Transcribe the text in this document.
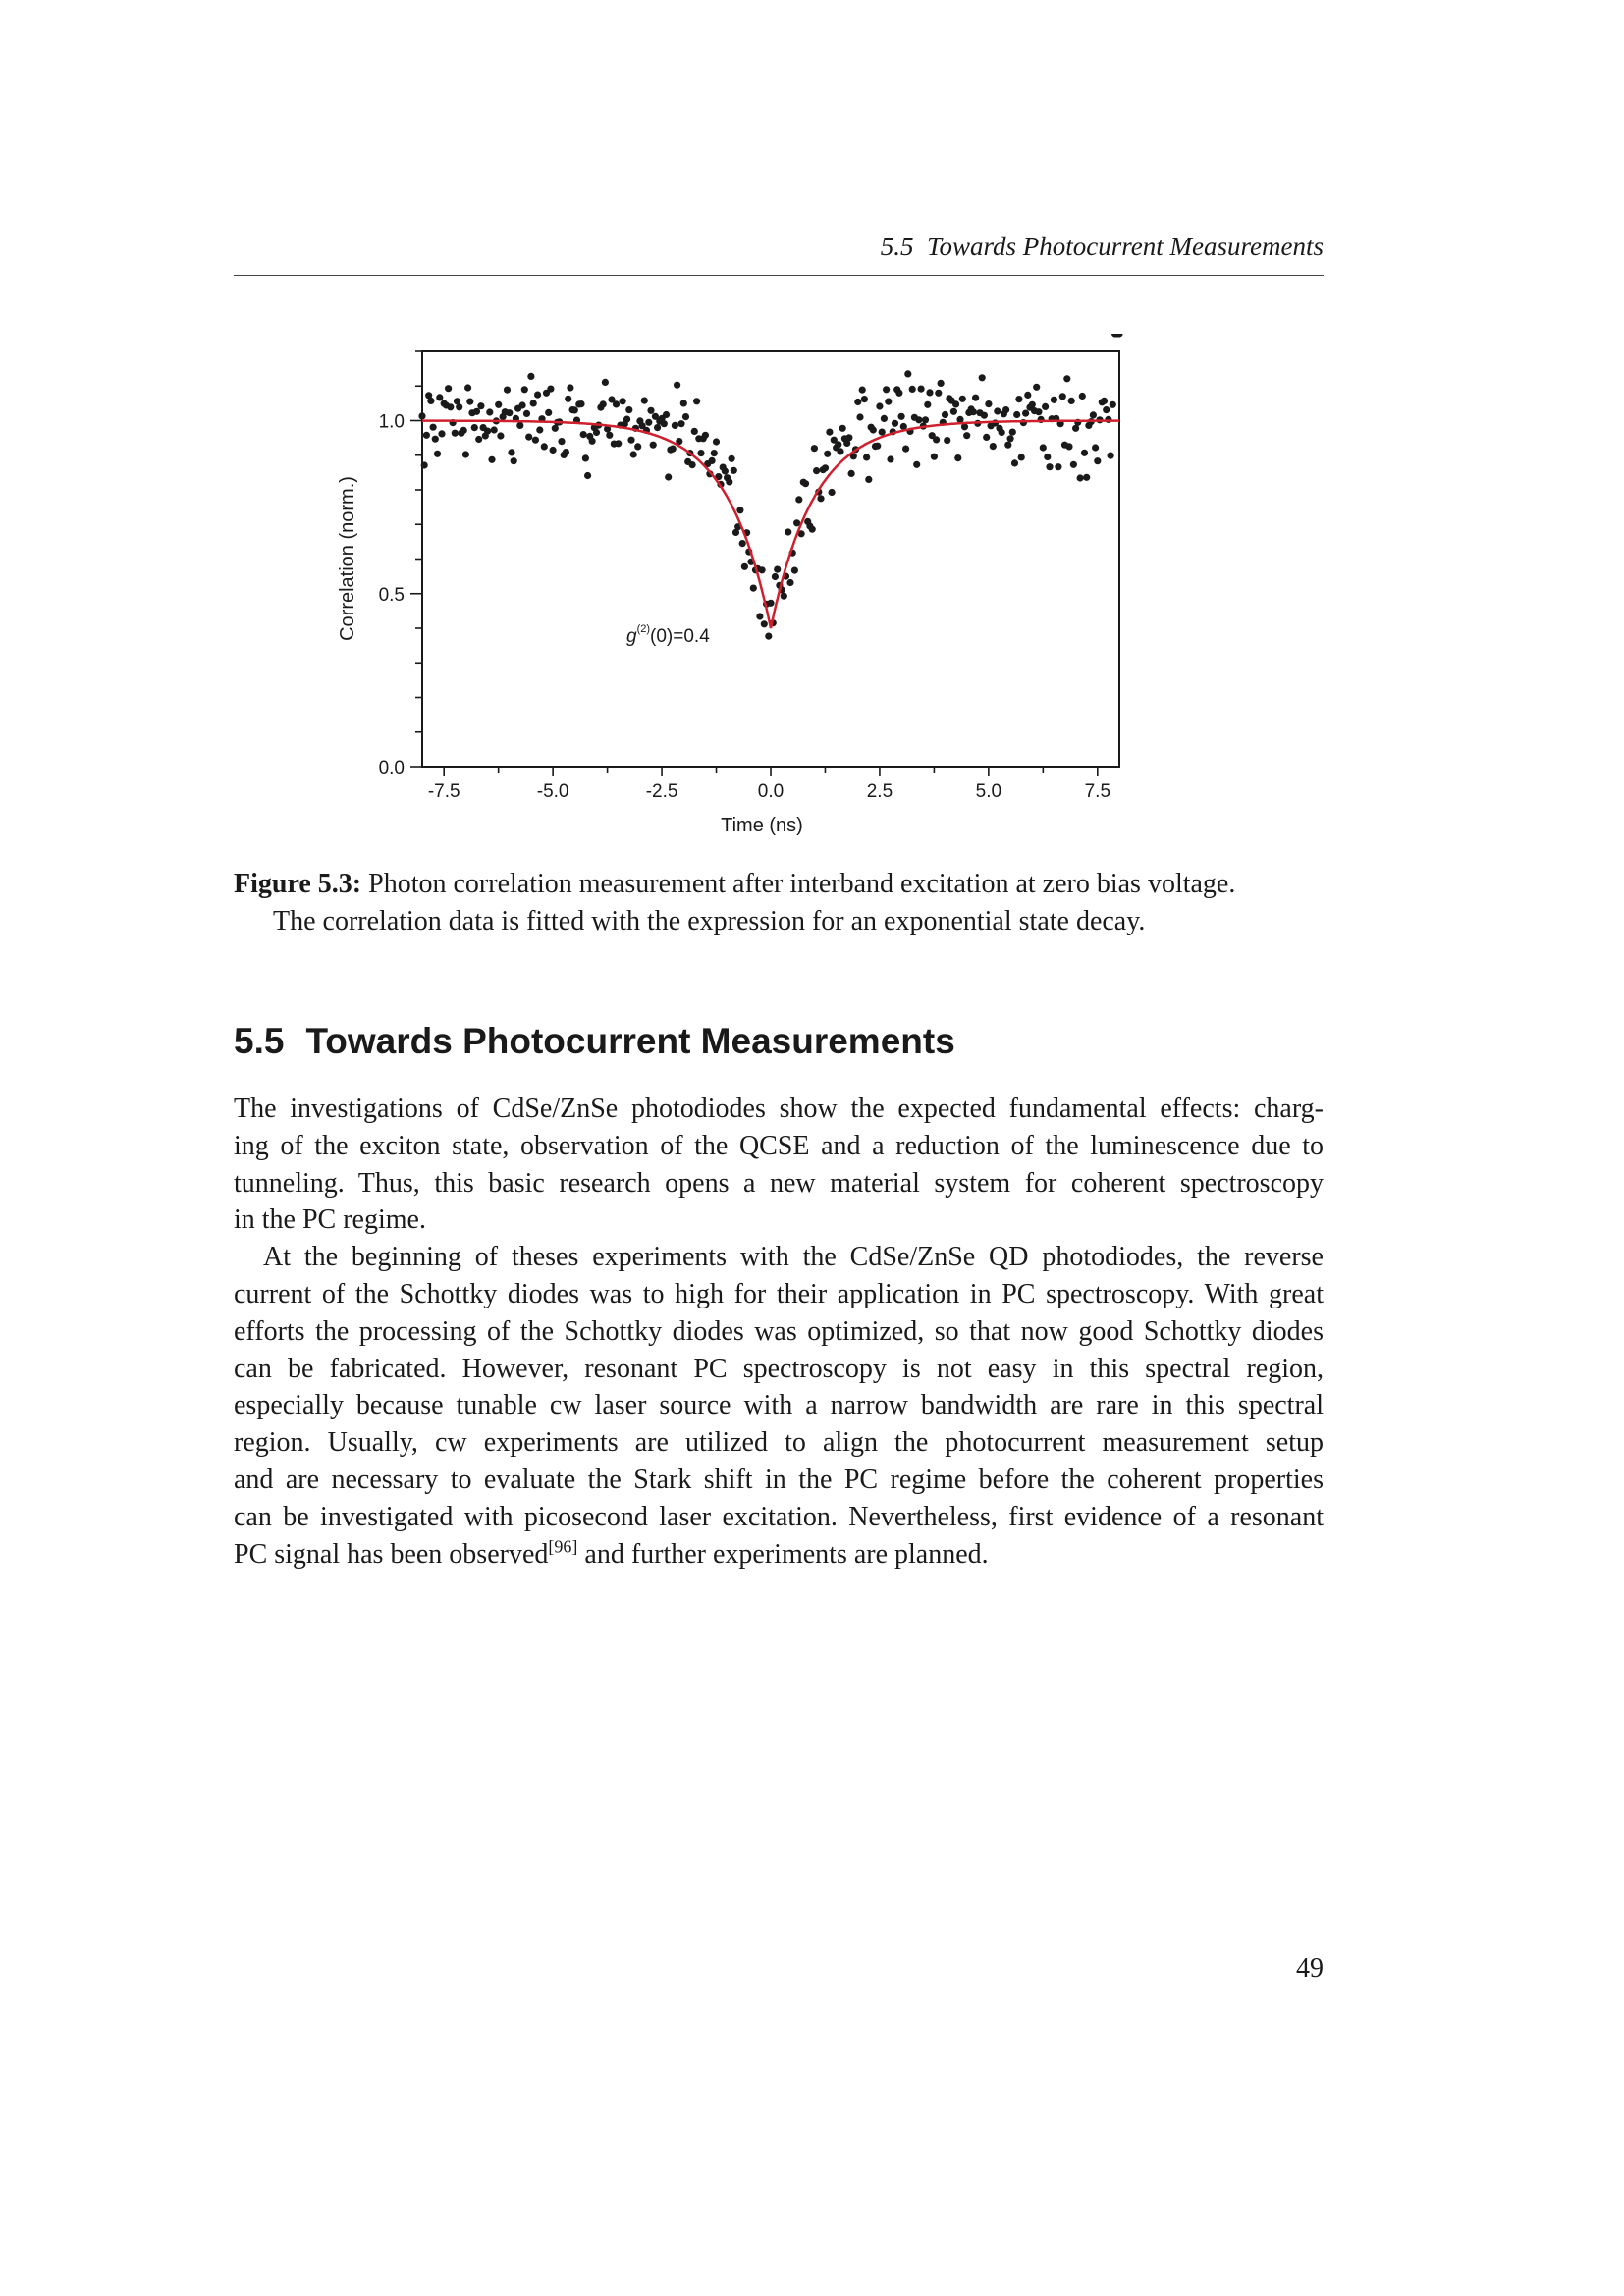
5.5 Towards Photocurrent Measurements
0.0
0.5
1.0
-7.5	-5.0	-2.5	0.0	2.5	5.0	7.5
$g^{(2)}(0)=0.4$
Time (ns)
Correlation (norm.)
Figure 5.3: Photon correlation measurement after interband excitation at zero bias voltage.
The correlation data is fitted with the expression for an exponential state decay.
5.5 Towards Photocurrent Measurements
The investigations of CdSe/ZnSe photodiodes show the expected fundamental effects: charg-
ing of the exciton state, observation of the QCSE and a reduction of the luminescence due to
tunneling. Thus, this basic research opens a new material system for coherent spectroscopy
in the PC regime.
At the beginning of theses experiments with the CdSe/ZnSe QD photodiodes, the reverse
current of the Schottky diodes was to high for their application in PC spectroscopy. With great
efforts the processing of the Schottky diodes was optimized, so that now good Schottky diodes
can be fabricated. However, resonant PC spectroscopy is not easy in this spectral region,
especially because tunable cw laser source with a narrow bandwidth are rare in this spectral
region. Usually, cw experiments are utilized to align the photocurrent measurement setup
and are necessary to evaluate the Stark shift in the PC regime before the coherent properties
can be investigated with picosecond laser excitation. Nevertheless, first evidence of a resonant
PC signal has been observed[96] and further experiments are planned.
49
